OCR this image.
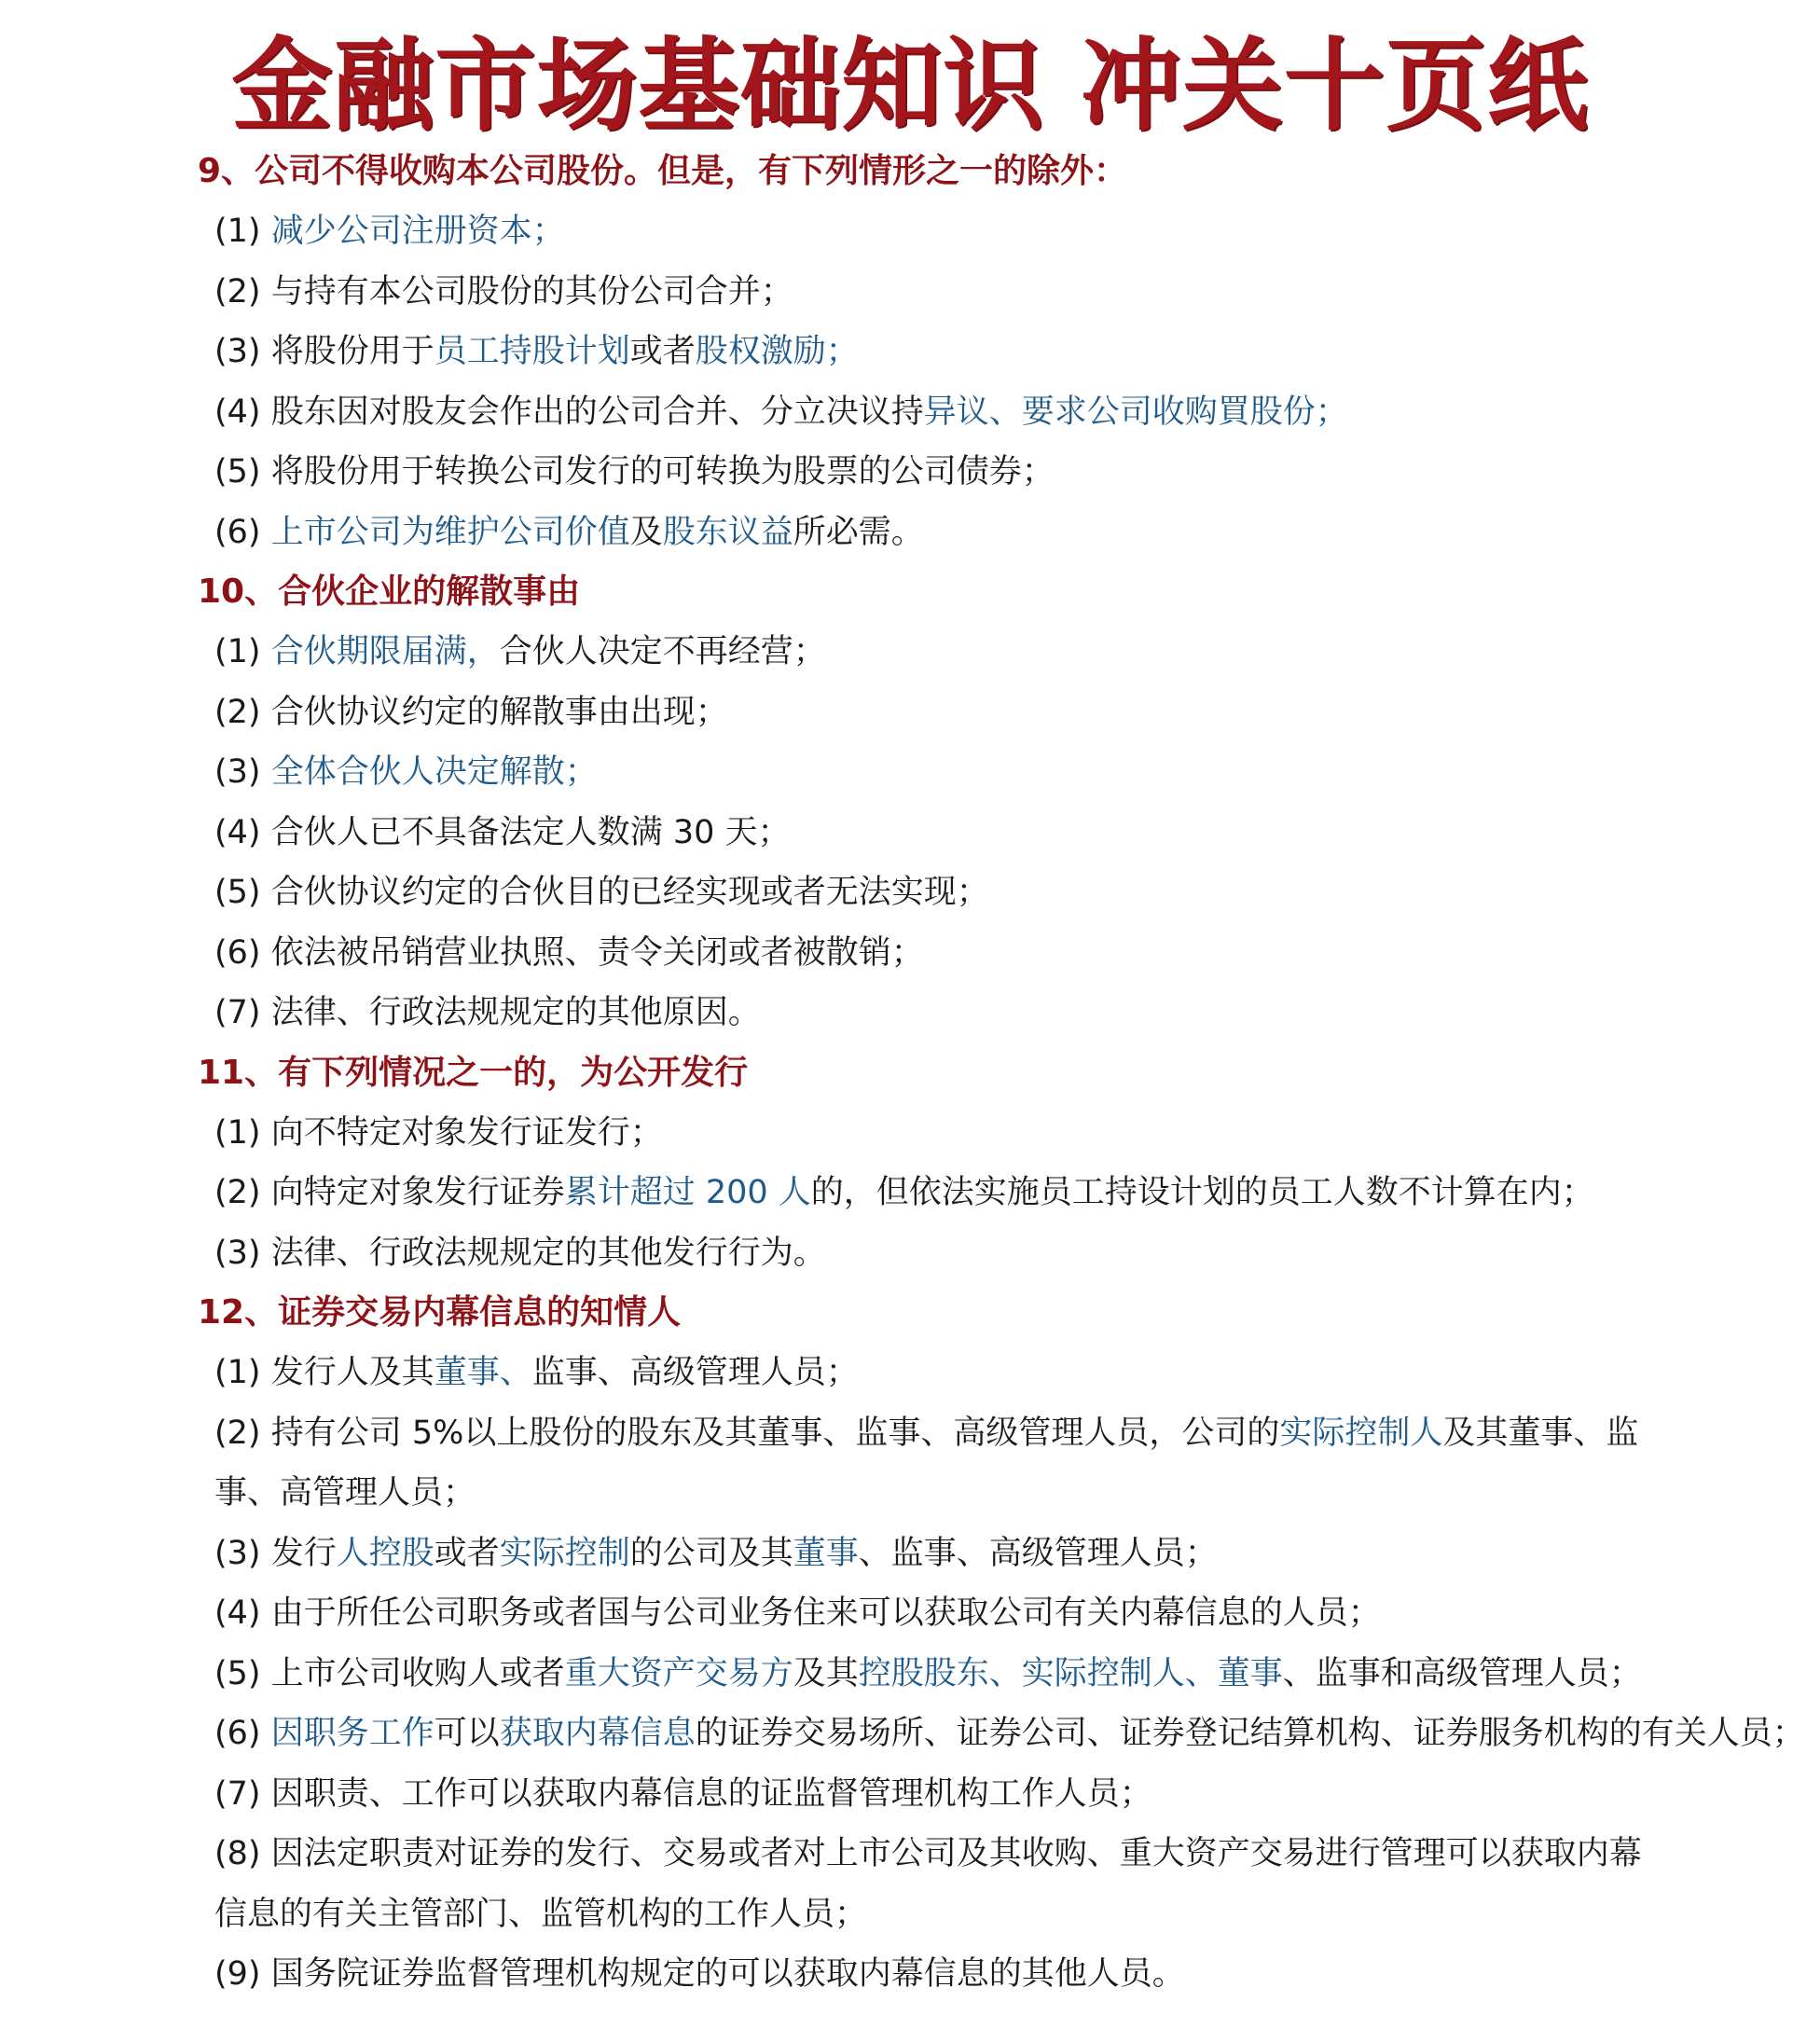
金融市场基础知识 冲关十页纸
9、公司不得收购本公司股份。但是，有下列情形之一的除外：
(1) 减少公司注册资本；
(2) 与持有本公司股份的其份公司合并；
(3) 将股份用于员工持股计划或者股权激励；
(4) 股东因对股友会作出的公司合并、分立决议持异议、要求公司收购買股份；
(5) 将股份用于转换公司发行的可转换为股票的公司债券；
(6) 上市公司为维护公司价值及股东议益所必需。
10、合伙企业的解散事由
(1) 合伙期限届满，合伙人决定不再经营；
(2) 合伙协议约定的解散事由出现；
(3) 全体合伙人决定解散；
(4) 合伙人已不具备法定人数满 30 天；
(5) 合伙协议约定的合伙目的已经实现或者无法实现；
(6) 依法被吊销营业执照、责令关闭或者被散销；
(7) 法律、行政法规规定的其他原因。
11、有下列情况之一的，为公开发行
(1) 向不特定对象发行证发行；
(2) 向特定对象发行证券累计超过 200 人的，但依法实施员工持设计划的员工人数不计算在内；
(3) 法律、行政法规规定的其他发行行为。
12、证券交易内幕信息的知情人
(1) 发行人及其董事、监事、高级管理人员；
(2) 持有公司 5%以上股份的股东及其董事、监事、高级管理人员，公司的实际控制人及其董事、监事、高管理人员；
(3) 发行人控股或者实际控制的公司及其董事、监事、高级管理人员；
(4) 由于所任公司职务或者国与公司业务住来可以获取公司有关内幕信息的人员；
(5) 上市公司收购人或者重大资产交易方及其控股股东、实际控制人、董事、监事和高级管理人员；
(6) 因职务工作可以获取内幕信息的证券交易场所、证券公司、证券登记结算机构、证券服务机构的有关人员；
(7) 因职责、工作可以获取内幕信息的证监督管理机构工作人员；
(8) 因法定职责对证券的发行、交易或者对上市公司及其收购、重大资产交易进行管理可以获取内幕信息的有关主管部门、监管机构的工作人员；
(9) 国务院证券监督管理机构规定的可以获取内幕信息的其他人员。
